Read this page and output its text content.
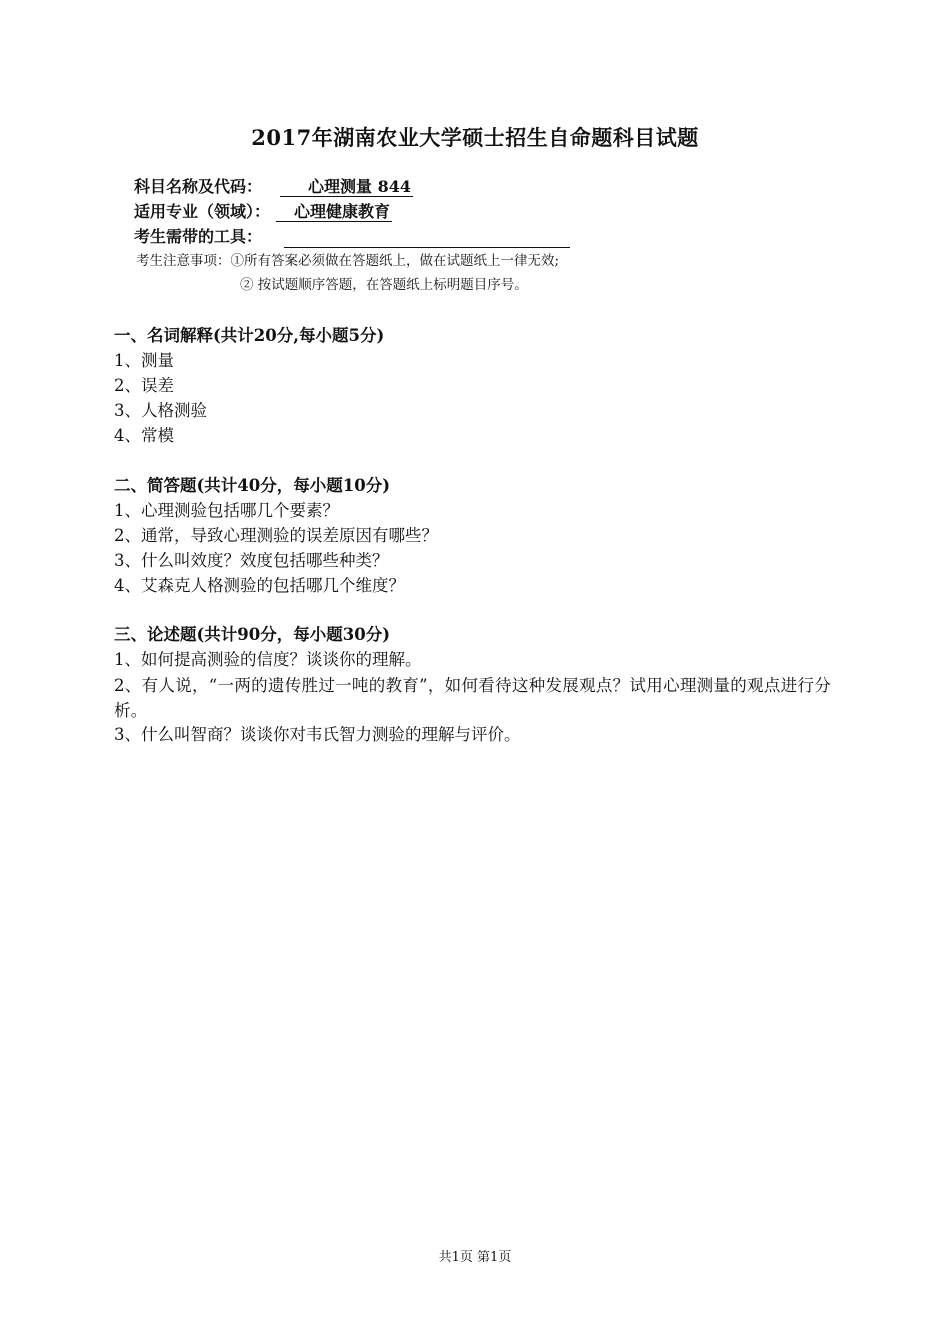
2017年湖南农业大学硕士招生自命题科目试题
科目名称及代码：	心理测量 844
适用专业（领域）： 心理健康教育
考生需带的工具：
考生注意事项：①所有答案必须做在答题纸上，做在试题纸上一律无效;
② 按试题顺序答题，在答题纸上标明题目序号。
一、名词解释(共计20分,每小题5分)
1、测量
2、误差
3、人格测验
4、常模
二、简答题(共计40分，每小题10分)
1、心理测验包括哪几个要素？
2、通常，导致心理测验的误差原因有哪些？
3、什么叫效度？效度包括哪些种类？
4、艾森克人格测验的包括哪几个维度？
三、论述题(共计90分，每小题30分)
1、如何提高测验的信度？谈谈你的理解。
2、有人说，“一两的遗传胜过一吨的教育”，如何看待这种发展观点？试用心理测量的观点进行分析。
3、什么叫智商？谈谈你对韦氏智力测验的理解与评价。
共1页 第1页
